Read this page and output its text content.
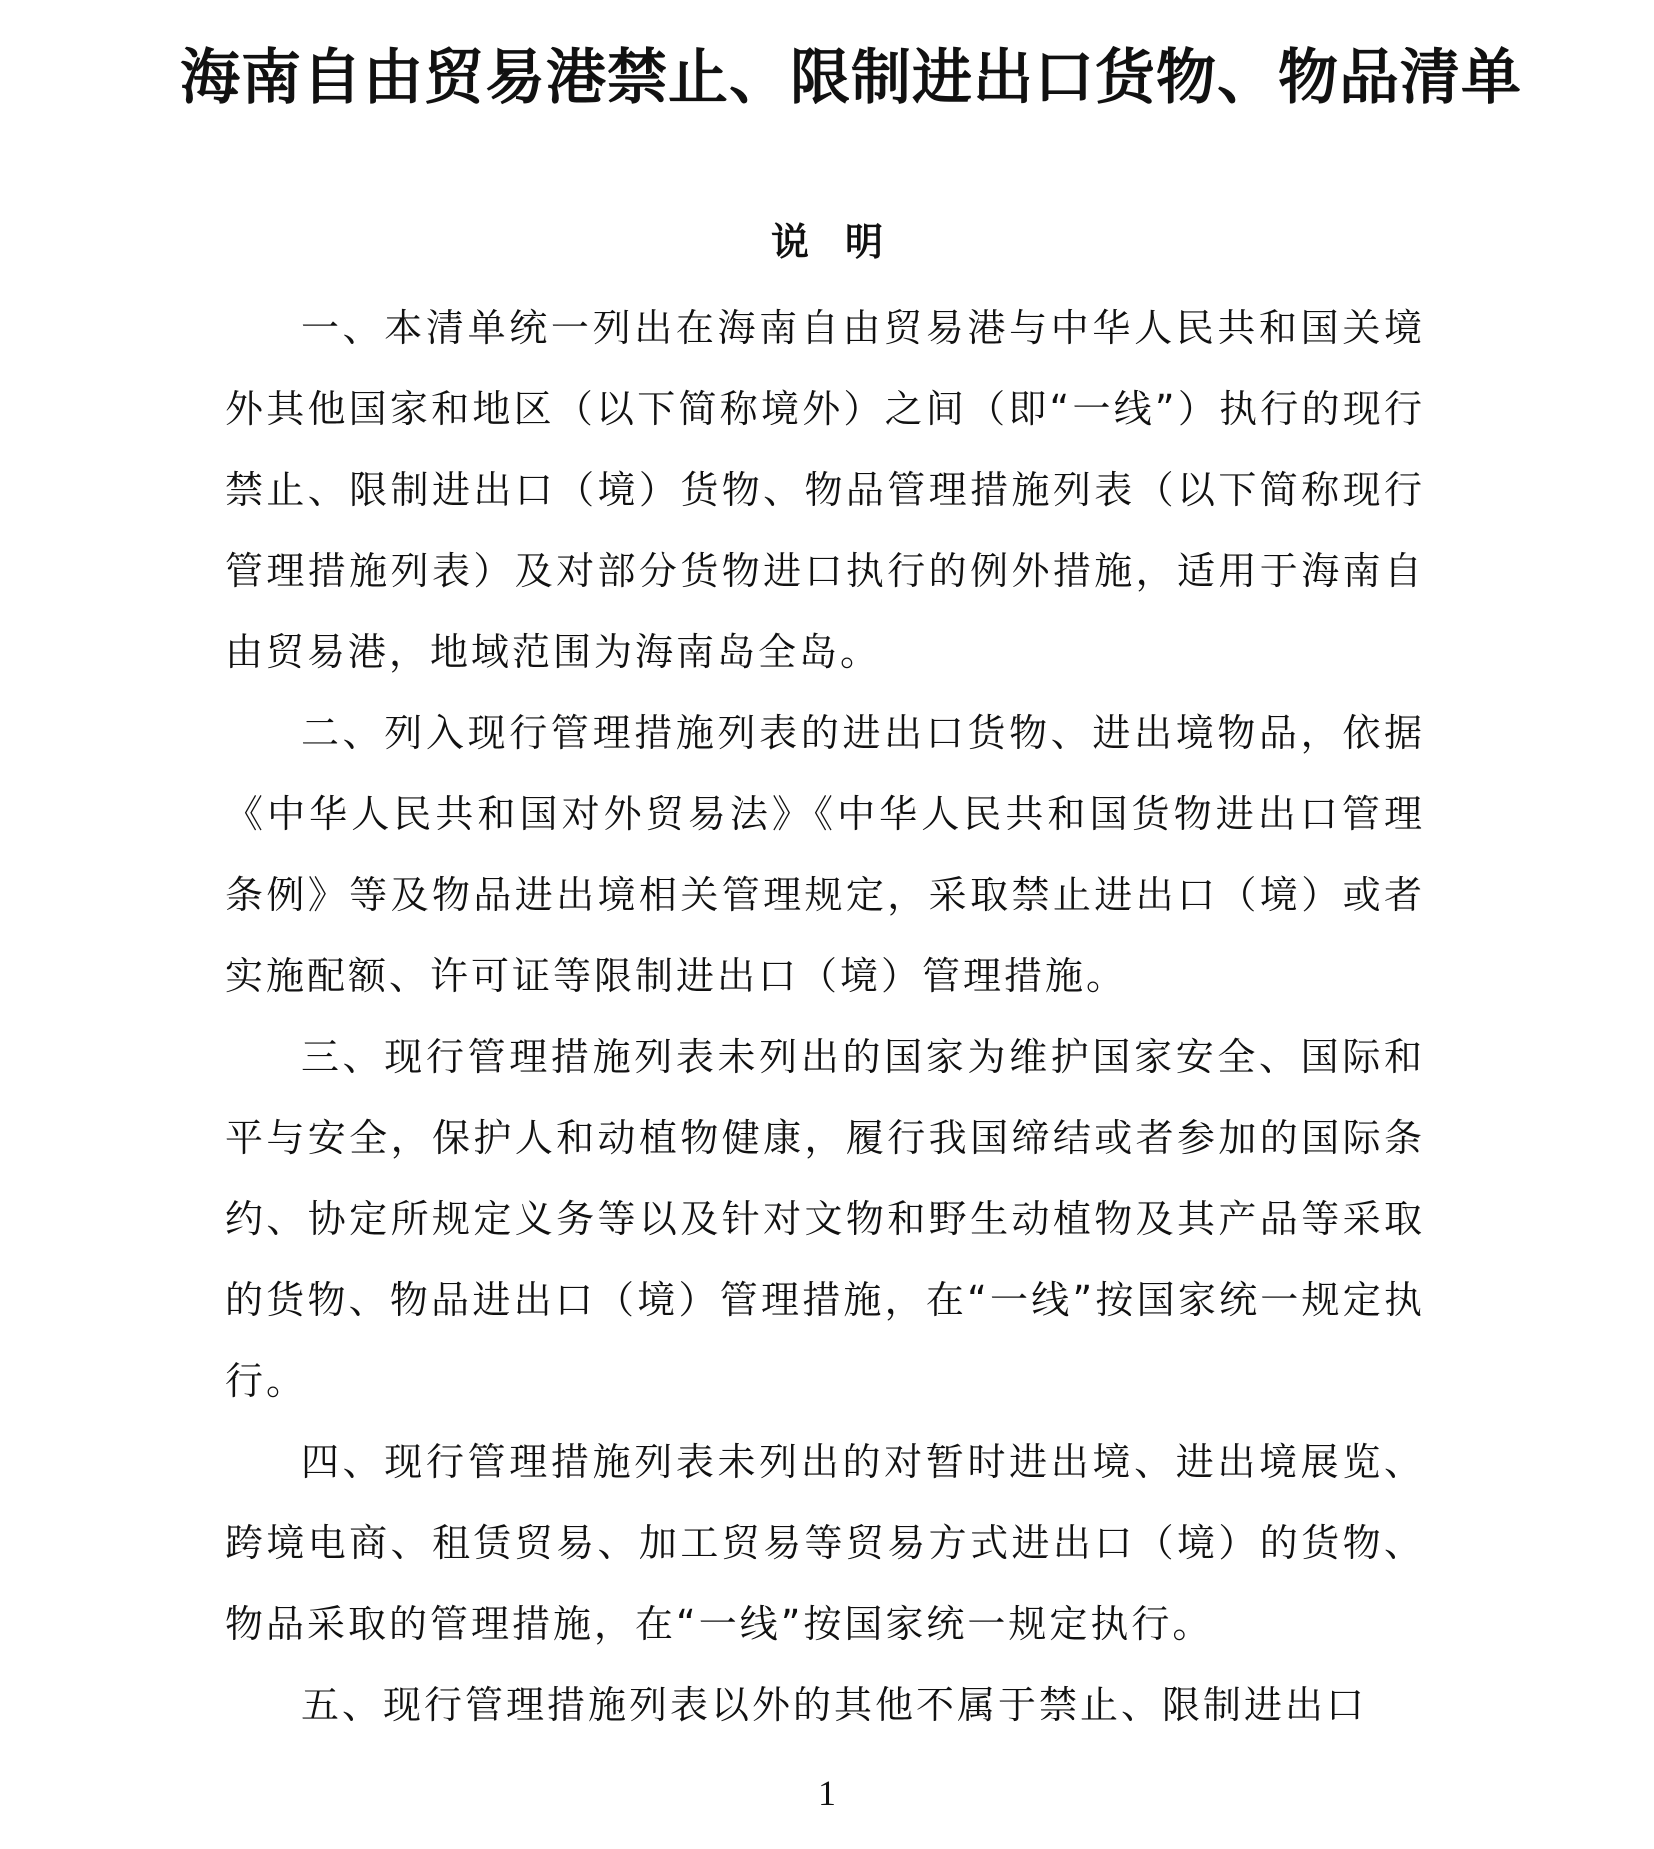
海南自由贸易港禁止、限制进出口货物、物品清单
说明

一、本清单统一列出在海南自由贸易港与中华人民共和国关境外其他国家和地区（以下简称境外）之间（即“一线”）执行的现行禁止、限制进出口（境）货物、物品管理措施列表（以下简称现行管理措施列表）及对部分货物进口执行的例外措施，适用于海南自由贸易港，地域范围为海南岛全岛。

二、列入现行管理措施列表的进出口货物、进出境物品，依据《中华人民共和国对外贸易法》《中华人民共和国货物进出口管理条例》等及物品进出境相关管理规定，采取禁止进出口（境）或者实施配额、许可证等限制进出口（境）管理措施。

三、现行管理措施列表未列出的国家为维护国家安全、国际和平与安全，保护人和动植物健康，履行我国缔结或者参加的国际条约、协定所规定义务等以及针对文物和野生动植物及其产品等采取的货物、物品进出口（境）管理措施，在“一线”按国家统一规定执行。

四、现行管理措施列表未列出的对暂时进出境、进出境展览、跨境电商、租赁贸易、加工贸易等贸易方式进出口（境）的货物、物品采取的管理措施，在“一线”按国家统一规定执行。

五、现行管理措施列表以外的其他不属于禁止、限制进出口

1
